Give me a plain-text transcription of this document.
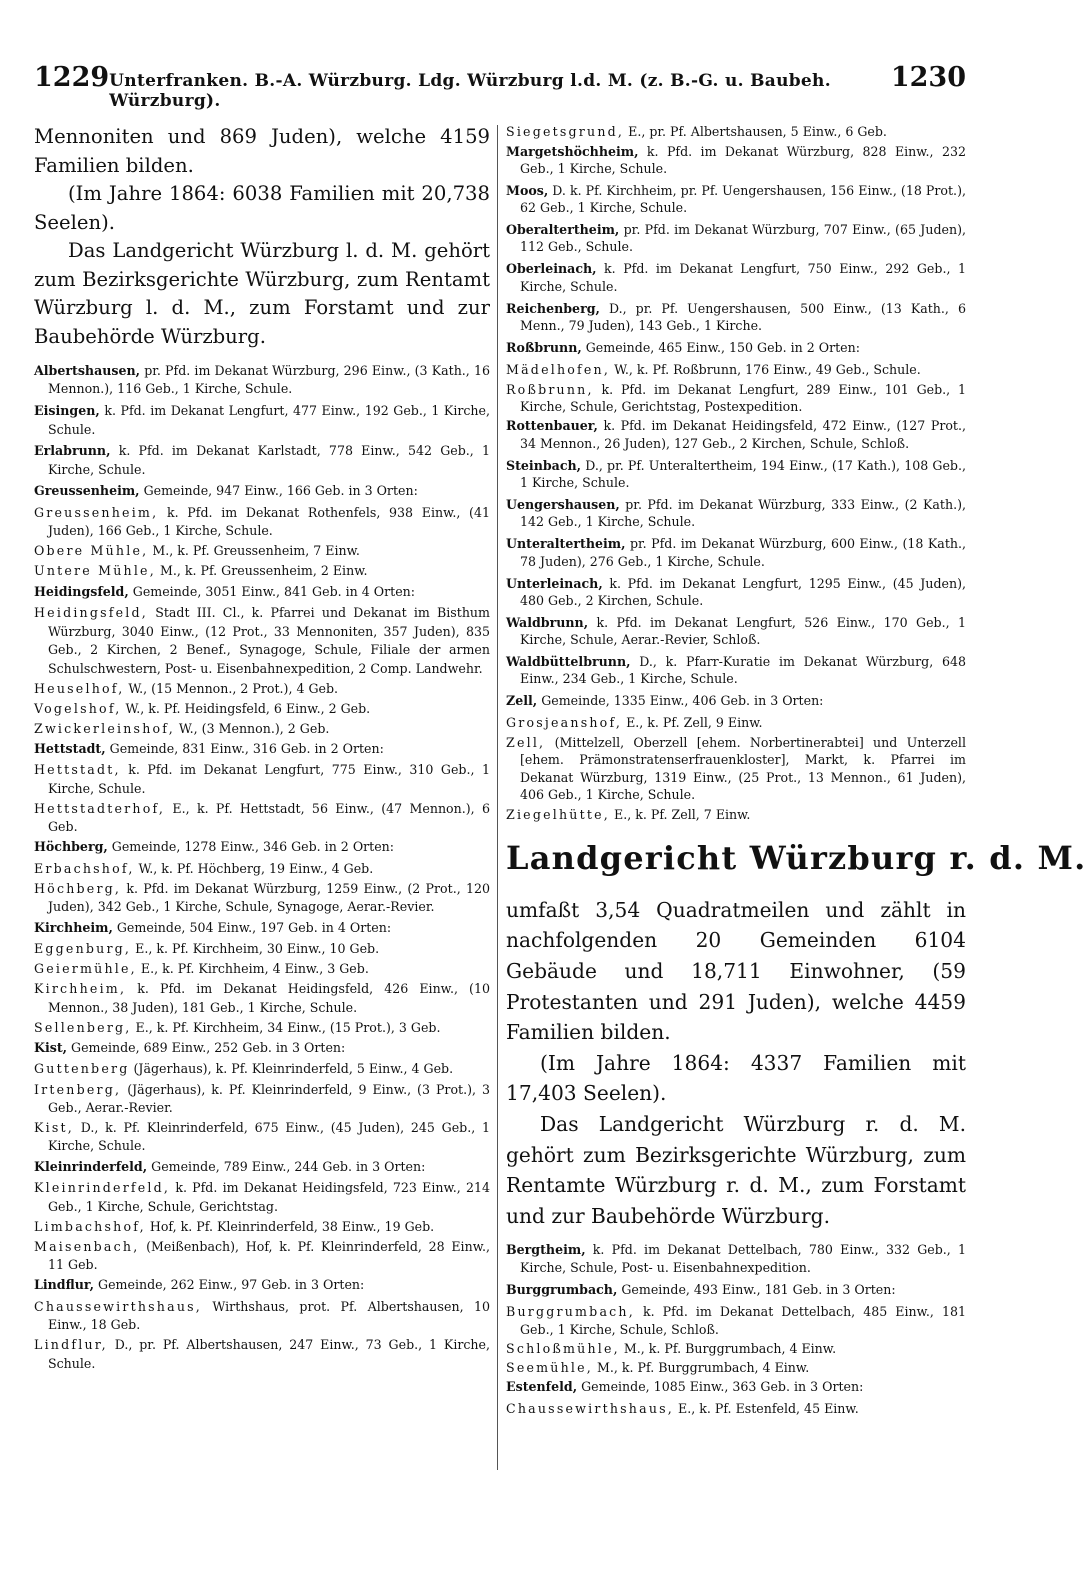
1229 Unterfranken. B.-A. Würzburg. Ldg. Würzburg l.d. M. (z. B.-G. u. Baubeh. Würzburg).
1230

Mennoniten und 869 Juden), welche 4159 Familien bilden.

(Im Jahre 1864: 6038 Familien mit 20,738 Seelen).

Das Landgericht Würzburg l. d. M. gehört zum Bezirksgerichte Würzburg, zum Rentamt Würzburg l. d. M., zum Forstamt und zur Baubehörde Würzburg.

Albertshausen, pr. Pfd. im Dekanat Würzburg, 296 Einw., (3 Kath., 16 Mennon.), 116 Geb., 1 Kirche, Schule.

Eisingen, k. Pfd. im Dekanat Lengfurt, 477 Einw., 192 Geb., 1 Kirche, Schule.

Erlabrunn, k. Pfd. im Dekanat Karlstadt, 778 Einw., 542 Geb., 1 Kirche, Schule.

Greussenheim, Gemeinde, 947 Einw., 166 Geb. in 3 Orten:

Greussenheim, k. Pfd. im Dekanat Rothenfels, 938 Einw., (41 Juden), 166 Geb., 1 Kirche, Schule.

Obere Mühle, M., k. Pf. Greussenheim, 7 Einw.

Untere Mühle, M., k. Pf. Greussenheim, 2 Einw.

Heidingsfeld, Gemeinde, 3051 Einw., 841 Geb. in 4 Orten:

Heidingsfeld, Stadt III. Cl., k. Pfarrei und Dekanat im Bisthum Würzburg, 3040 Einw., (12 Prot., 33 Mennoniten, 357 Juden), 835 Geb., 2 Kirchen, 2 Benef., Synagoge, Schule, Filiale der armen Schulschwestern, Post- u. Eisenbahnexpedition, 2 Comp. Landwehr.

Heuselhof, W., (15 Mennon., 2 Prot.), 4 Geb.

Vogelshof, W., k. Pf. Heidingsfeld, 6 Einw., 2 Geb.

Zwickerleinshof, W., (3 Mennon.), 2 Geb.

Hettstadt, Gemeinde, 831 Einw., 316 Geb. in 2 Orten:

Hettstadt, k. Pfd. im Dekanat Lengfurt, 775 Einw., 310 Geb., 1 Kirche, Schule.

Hettstadterhof, E., k. Pf. Hettstadt, 56 Einw., (47 Mennon.), 6 Geb.

Höchberg, Gemeinde, 1278 Einw., 346 Geb. in 2 Orten:

Erbachshof, W., k. Pf. Höchberg, 19 Einw., 4 Geb.

Höchberg, k. Pfd. im Dekanat Würzburg, 1259 Einw., (2 Prot., 120 Juden), 342 Geb., 1 Kirche, Schule, Synagoge, Aerar.-Revier.

Kirchheim, Gemeinde, 504 Einw., 197 Geb. in 4 Orten:

Eggenburg, E., k. Pf. Kirchheim, 30 Einw., 10 Geb.

Geiermühle, E., k. Pf. Kirchheim, 4 Einw., 3 Geb.

Kirchheim, k. Pfd. im Dekanat Heidingsfeld, 426 Einw., (10 Mennon., 38 Juden), 181 Geb., 1 Kirche, Schule.

Sellenberg, E., k. Pf. Kirchheim, 34 Einw., (15 Prot.), 3 Geb.

Kist, Gemeinde, 689 Einw., 252 Geb. in 3 Orten:

Guttenberg (Jägerhaus), k. Pf. Kleinrinderfeld, 5 Einw., 4 Geb.

Irtenberg, (Jägerhaus), k. Pf. Kleinrinderfeld, 9 Einw., (3 Prot.), 3 Geb., Aerar.-Revier.

Kist, D., k. Pf. Kleinrinderfeld, 675 Einw., (45 Juden), 245 Geb., 1 Kirche, Schule.

Kleinrinderfeld, Gemeinde, 789 Einw., 244 Geb. in 3 Orten:

Kleinrinderfeld, k. Pfd. im Dekanat Heidingsfeld, 723 Einw., 214 Geb., 1 Kirche, Schule, Gerichtstag.

Limbachshof, Hof, k. Pf. Kleinrinderfeld, 38 Einw., 19 Geb.

Maisenbach, (Meißenbach), Hof, k. Pf. Kleinrinderfeld, 28 Einw., 11 Geb.

Lindflur, Gemeinde, 262 Einw., 97 Geb. in 3 Orten:

Chaussewirthshaus, Wirthshaus, prot. Pf. Albertshausen, 10 Einw., 18 Geb.

Lindflur, D., pr. Pf. Albertshausen, 247 Einw., 73 Geb., 1 Kirche, Schule.

Siegetsgrund, E., pr. Pf. Albertshausen, 5 Einw., 6 Geb.

Margetshöchheim, k. Pfd. im Dekanat Würzburg, 828 Einw., 232 Geb., 1 Kirche, Schule.

Moos, D. k. Pf. Kirchheim, pr. Pf. Uengershausen, 156 Einw., (18 Prot.), 62 Geb., 1 Kirche, Schule.

Oberaltertheim, pr. Pfd. im Dekanat Würzburg, 707 Einw., (65 Juden), 112 Geb., Schule.

Oberleinach, k. Pfd. im Dekanat Lengfurt, 750 Einw., 292 Geb., 1 Kirche, Schule.

Reichenberg, D., pr. Pf. Uengershausen, 500 Einw., (13 Kath., 6 Menn., 79 Juden), 143 Geb., 1 Kirche.

Roßbrunn, Gemeinde, 465 Einw., 150 Geb. in 2 Orten:

Mädelhofen, W., k. Pf. Roßbrunn, 176 Einw., 49 Geb., Schule.

Roßbrunn, k. Pfd. im Dekanat Lengfurt, 289 Einw., 101 Geb., 1 Kirche, Schule, Gerichtstag, Postexpedition.

Rottenbauer, k. Pfd. im Dekanat Heidingsfeld, 472 Einw., (127 Prot., 34 Mennon., 26 Juden), 127 Geb., 2 Kirchen, Schule, Schloß.

Steinbach, D., pr. Pf. Unteraltertheim, 194 Einw., (17 Kath.), 108 Geb., 1 Kirche, Schule.

Uengershausen, pr. Pfd. im Dekanat Würzburg, 333 Einw., (2 Kath.), 142 Geb., 1 Kirche, Schule.

Unteraltertheim, pr. Pfd. im Dekanat Würzburg, 600 Einw., (18 Kath., 78 Juden), 276 Geb., 1 Kirche, Schule.

Unterleinach, k. Pfd. im Dekanat Lengfurt, 1295 Einw., (45 Juden), 480 Geb., 2 Kirchen, Schule.

Waldbrunn, k. Pfd. im Dekanat Lengfurt, 526 Einw., 170 Geb., 1 Kirche, Schule, Aerar.-Revier, Schloß.

Waldbüttelbrunn, D., k. Pfarr-Kuratie im Dekanat Würzburg, 648 Einw., 234 Geb., 1 Kirche, Schule.

Zell, Gemeinde, 1335 Einw., 406 Geb. in 3 Orten:

Grosjeanshof, E., k. Pf. Zell, 9 Einw.

Zell, (Mittelzell, Oberzell [ehem. Norbertinerabtei] und Unterzell [ehem. Prämonstratenserfrauenkloster], Markt, k. Pfarrei im Dekanat Würzburg, 1319 Einw., (25 Prot., 13 Mennon., 61 Juden), 406 Geb., 1 Kirche, Schule.

Ziegelhütte, E., k. Pf. Zell, 7 Einw.

Landgericht Würzburg r. d. M.

umfaßt 3,54 Quadratmeilen und zählt in nachfolgenden 20 Gemeinden 6104 Gebäude und 18,711 Einwohner, (59 Protestanten und 291 Juden), welche 4459 Familien bilden.

(Im Jahre 1864: 4337 Familien mit 17,403 Seelen).

Das Landgericht Würzburg r. d. M. gehört zum Bezirksgerichte Würzburg, zum Rentamte Würzburg r. d. M., zum Forstamt und zur Baubehörde Würzburg.

Bergtheim, k. Pfd. im Dekanat Dettelbach, 780 Einw., 332 Geb., 1 Kirche, Schule, Post- u. Eisenbahnexpedition.

Burggrumbach, Gemeinde, 493 Einw., 181 Geb. in 3 Orten:

Burggrumbach, k. Pfd. im Dekanat Dettelbach, 485 Einw., 181 Geb., 1 Kirche, Schule, Schloß.

Schloßmühle, M., k. Pf. Burggrumbach, 4 Einw.

Seemühle, M., k. Pf. Burggrumbach, 4 Einw.

Estenfeld, Gemeinde, 1085 Einw., 363 Geb. in 3 Orten:

Chaussewirthshaus, E., k. Pf. Estenfeld, 45 Einw.
